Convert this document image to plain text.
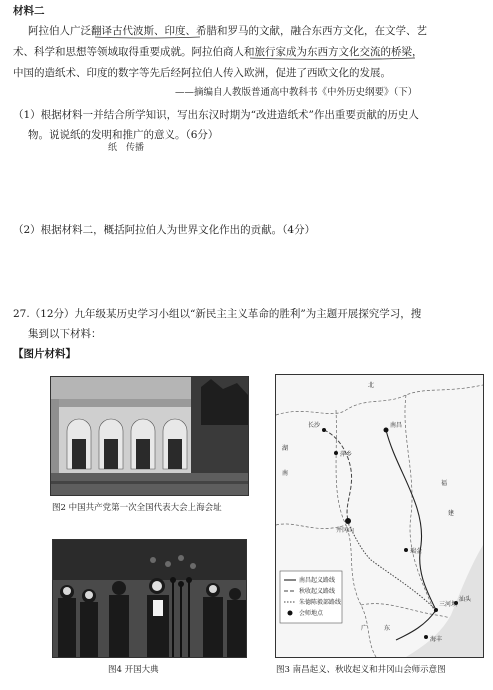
材料二
阿拉伯人广泛翻译古代波斯、印度、希腊和罗马的文献，融合东西方文化，在文学、艺
术、科学和思想等领域取得重要成就。阿拉伯商人和旅行家成为东西方文化交流的桥梁，
中国的造纸术、印度的数字等先后经阿拉伯人传入欧洲，促进了西欧文化的发展。
——摘编自人教版普通高中教科书《中外历史纲要》（下）
（1）根据材料一并结合所学知识，写出东汉时期为“改进造纸术”作出重要贡献的历史人
物。说说纸的发明和推广的意义。（6分）
纸 传播
（2）根据材料二，概括阿拉伯人为世界文化作出的贡献。（4分）
27.（12分）九年级某历史学习小组以“新民主主义革命的胜利”为主题开展探究学习，搜
集到以下材料：
【图片材料】
图2 中国共产党第一次全国代表大会上海会址
图4 开国大典
北
湖
南
福
建
广	东
长沙	南昌
萍乡
井冈山
三河坝
瑞金
汕头
海丰
南昌起义路线
秋收起义路线
朱德陈毅部路线
会师地点
图3 南昌起义、秋收起义和井冈山会师示意图
